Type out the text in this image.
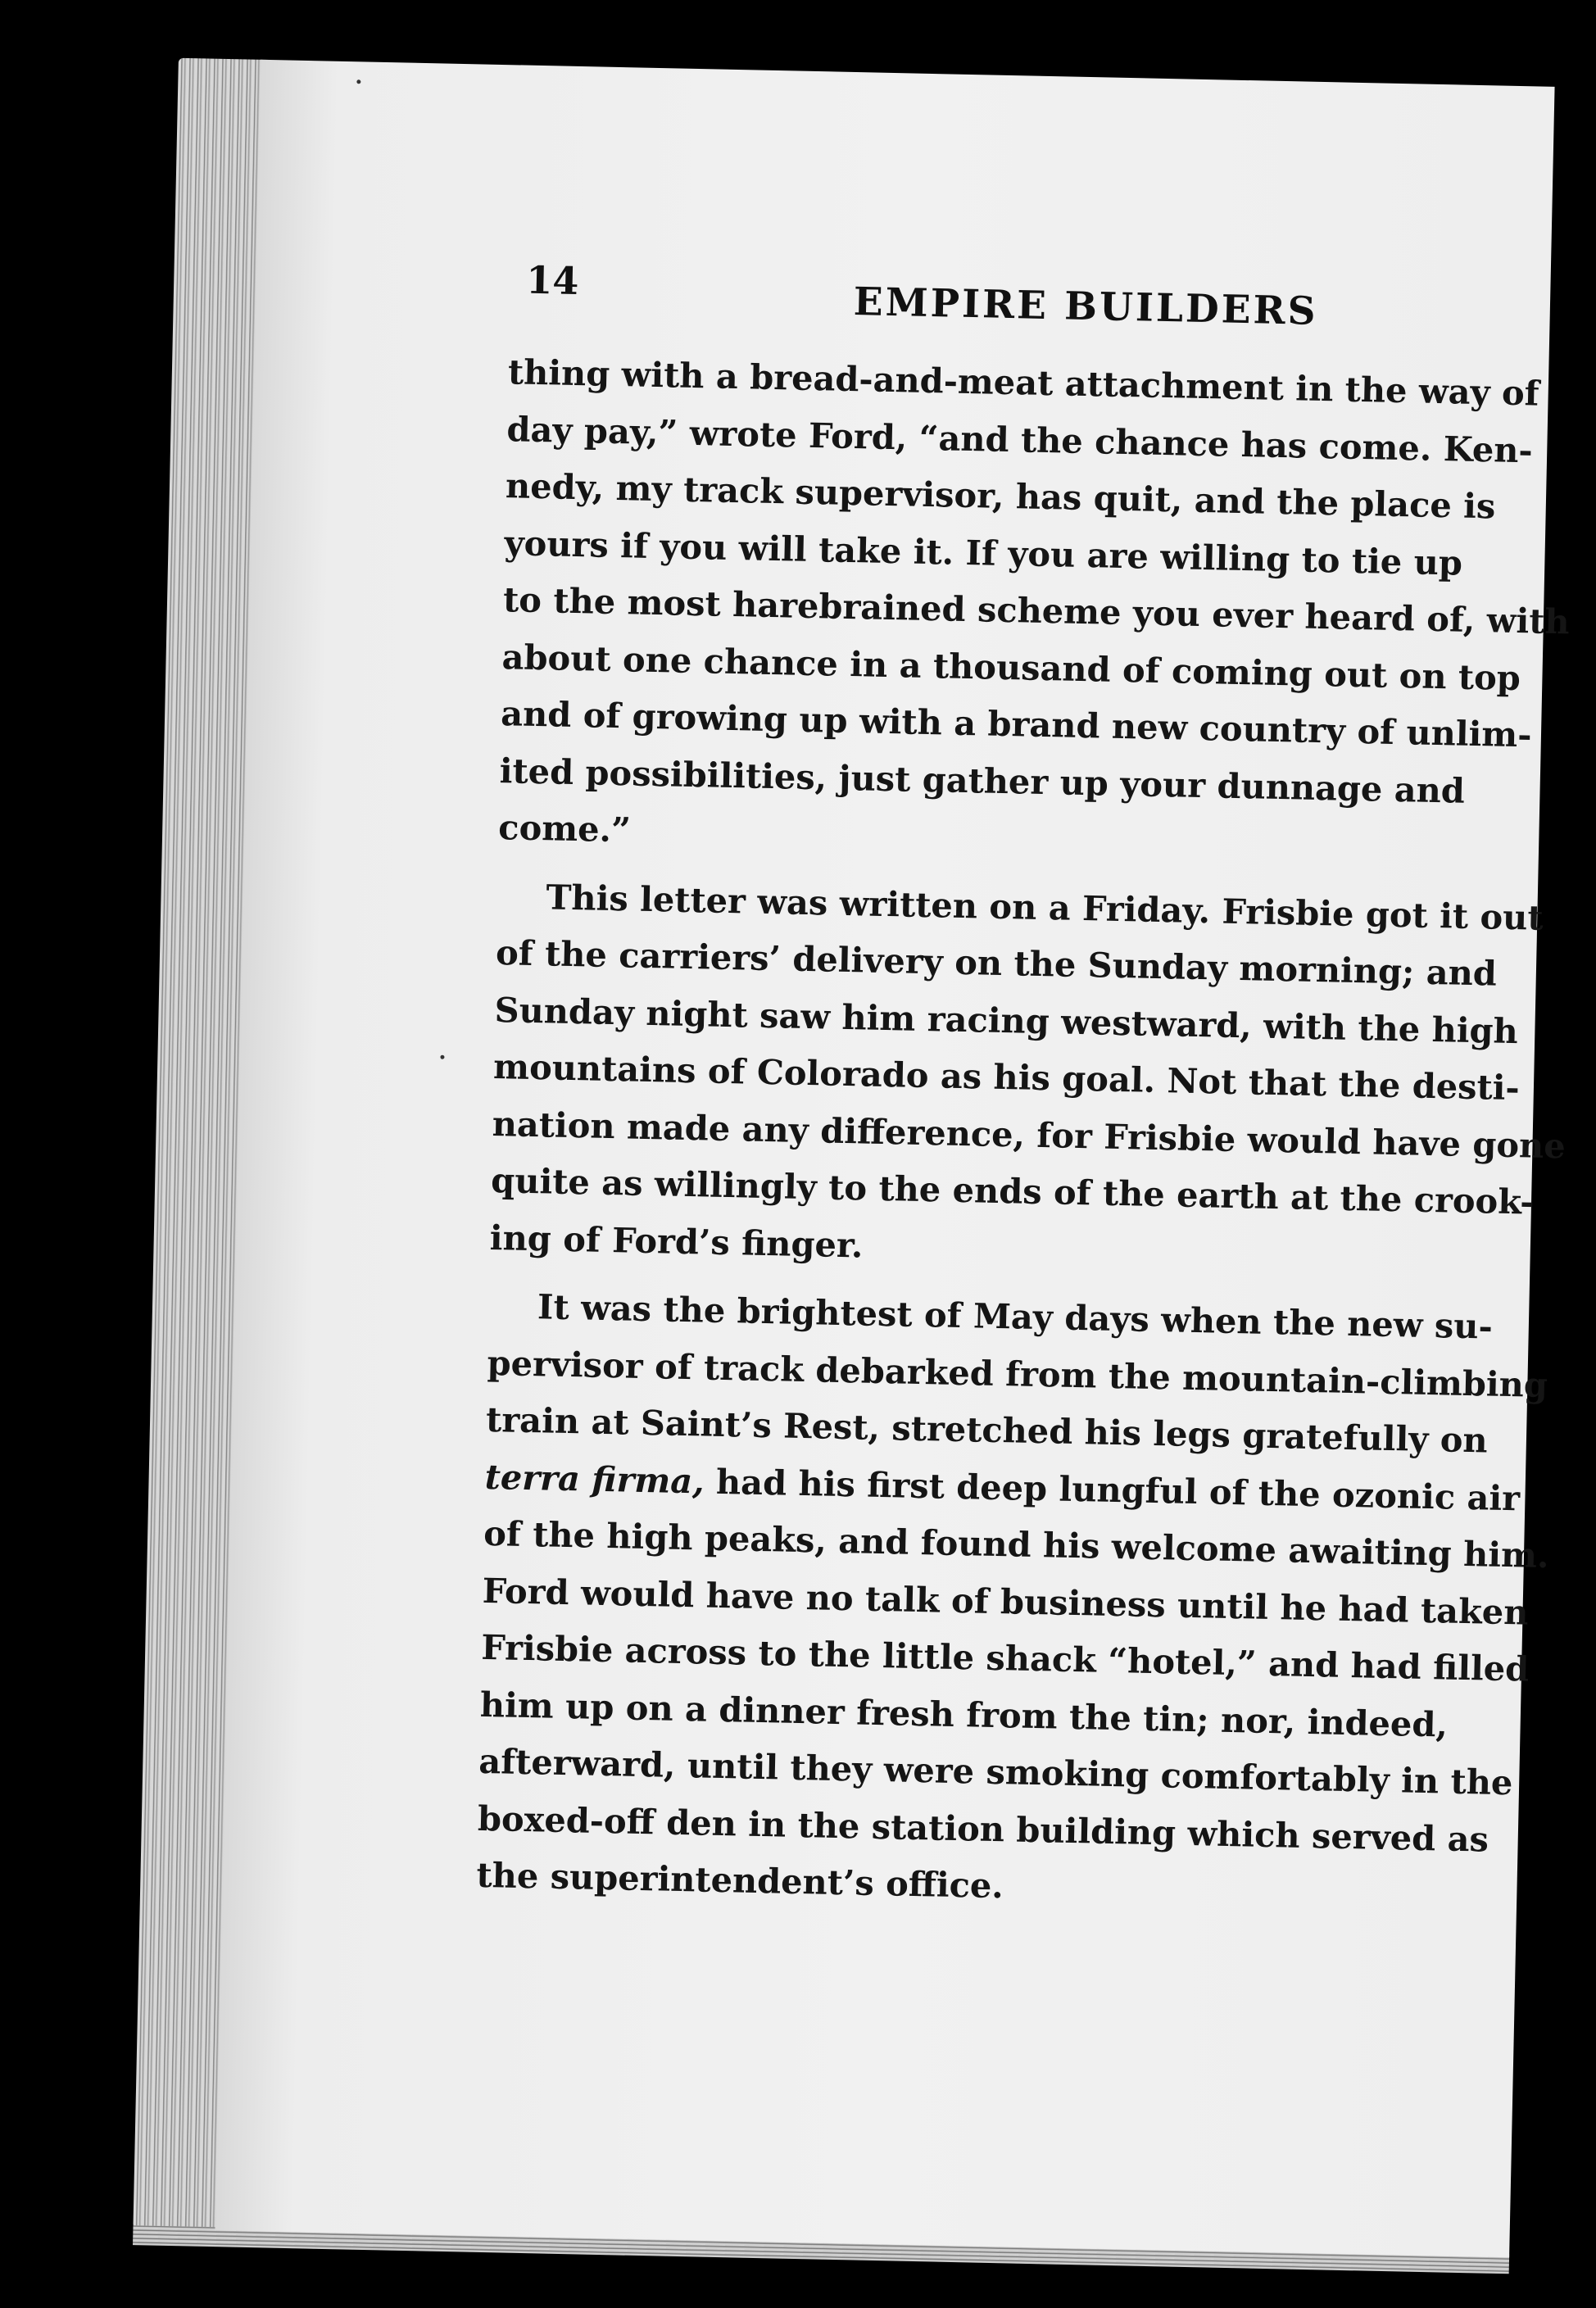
14	EMPIRE BUILDERS
thing with a bread-and-meat attachment in the way of
day pay,” wrote Ford, “and the chance has come. Ken-
nedy, my track supervisor, has quit, and the place is
yours if you will take it. If you are willing to tie up
to the most harebrained scheme you ever heard of, with
about one chance in a thousand of coming out on top
and of growing up with a brand new country of unlim-
ited possibilities, just gather up your dunnage and
come.”
This letter was written on a Friday. Frisbie got it out
of the carriers’ delivery on the Sunday morning; and
Sunday night saw him racing westward, with the high
mountains of Colorado as his goal. Not that the desti-
nation made any difference, for Frisbie would have gone
quite as willingly to the ends of the earth at the crook-
ing of Ford’s finger.
It was the brightest of May days when the new su-
pervisor of track debarked from the mountain-climbing
train at Saint’s Rest, stretched his legs gratefully on
terra firma, had his first deep lungful of the ozonic air
of the high peaks, and found his welcome awaiting him.
Ford would have no talk of business until he had taken
Frisbie across to the little shack “hotel,” and had filled
him up on a dinner fresh from the tin; nor, indeed,
afterward, until they were smoking comfortably in the
boxed-off den in the station building which served as
the superintendent’s office.
